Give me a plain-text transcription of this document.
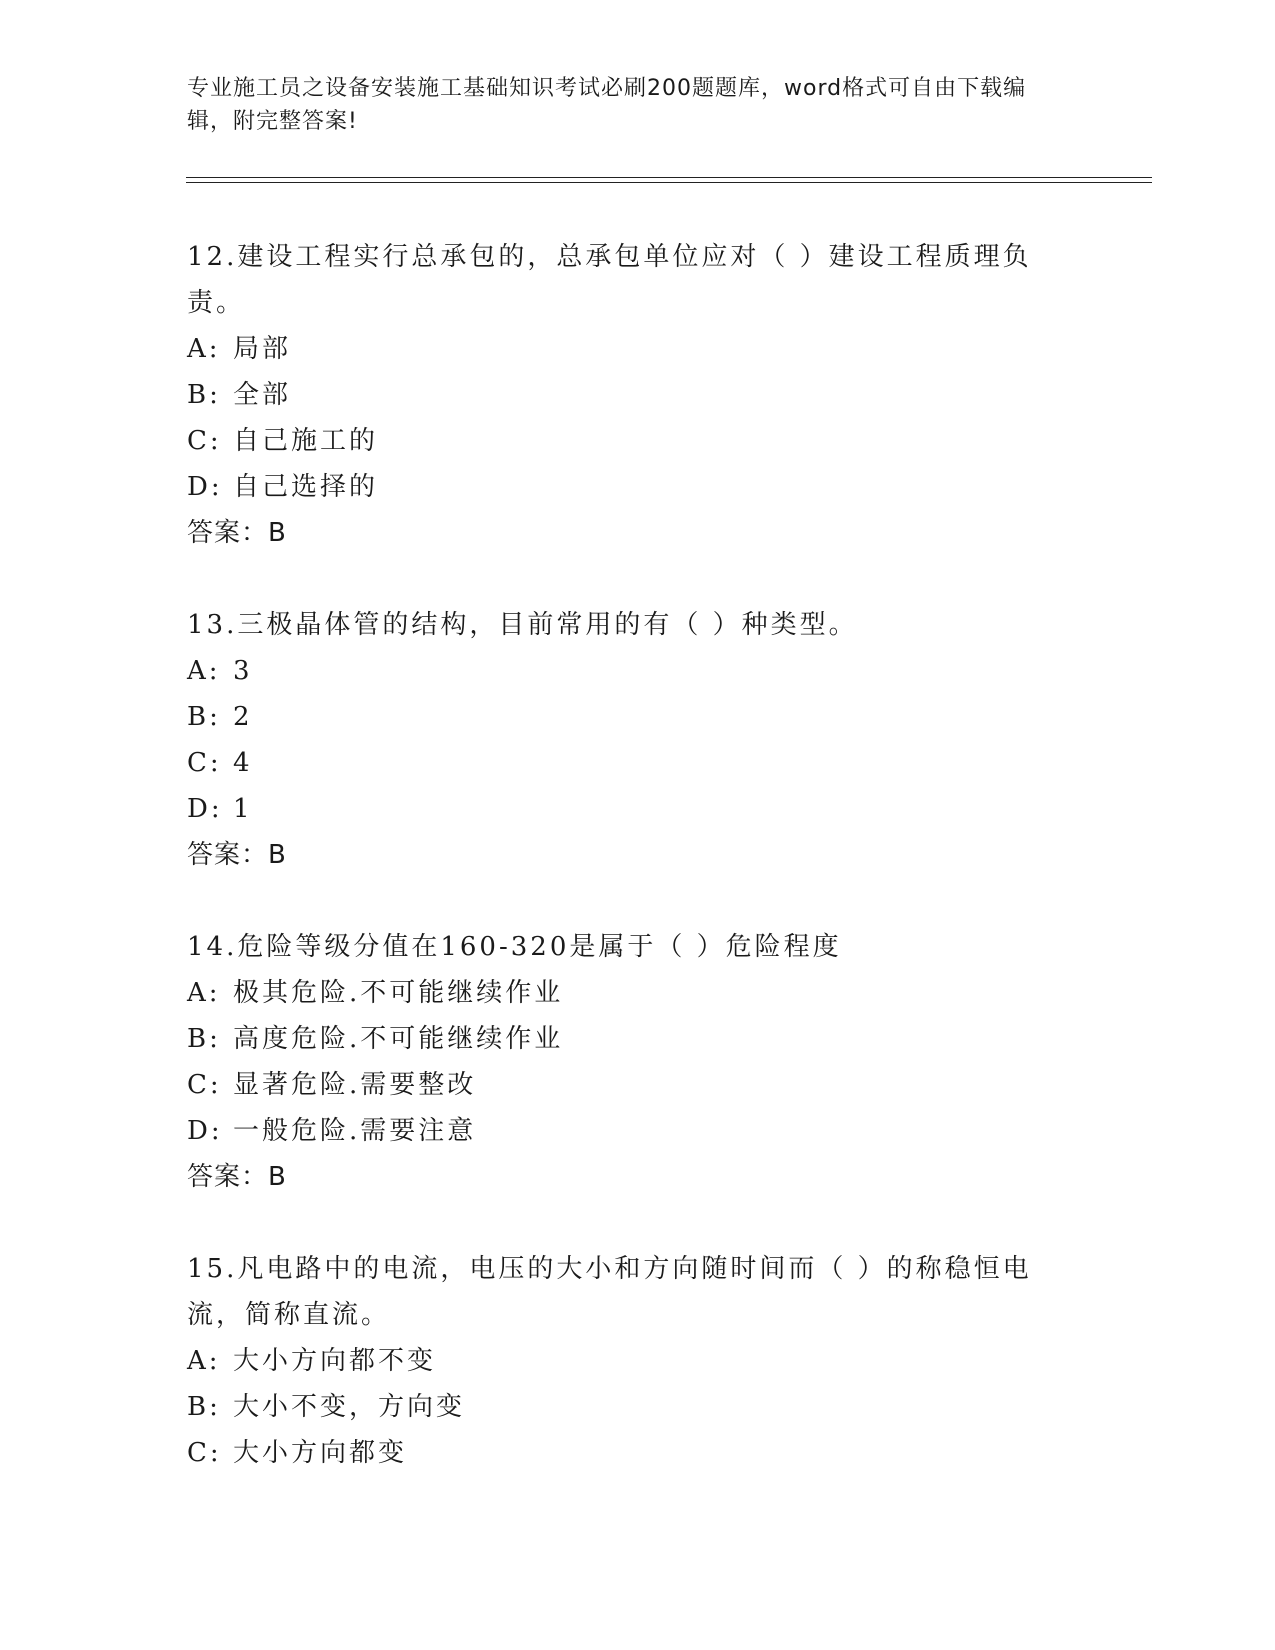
专业施工员之设备安装施工基础知识考试必刷200题题库，word格式可自由下载编辑，附完整答案!

12.建设工程实行总承包的，总承包单位应对（ ）建设工程质理负责。

A: 局部

B: 全部

C: 自己施工的

D: 自己选择的

答案：B

13.三极晶体管的结构，目前常用的有（ ）种类型。

A: 3

B: 2

C: 4

D: 1

答案：B

14.危险等级分值在160-320是属于（ ）危险程度

A: 极其危险.不可能继续作业

B: 高度危险.不可能继续作业

C: 显著危险.需要整改

D: 一般危险.需要注意

答案：B

15.凡电路中的电流，电压的大小和方向随时间而（ ）的称稳恒电流，简称直流。

A: 大小方向都不变

B: 大小不变，方向变

C: 大小方向都变
